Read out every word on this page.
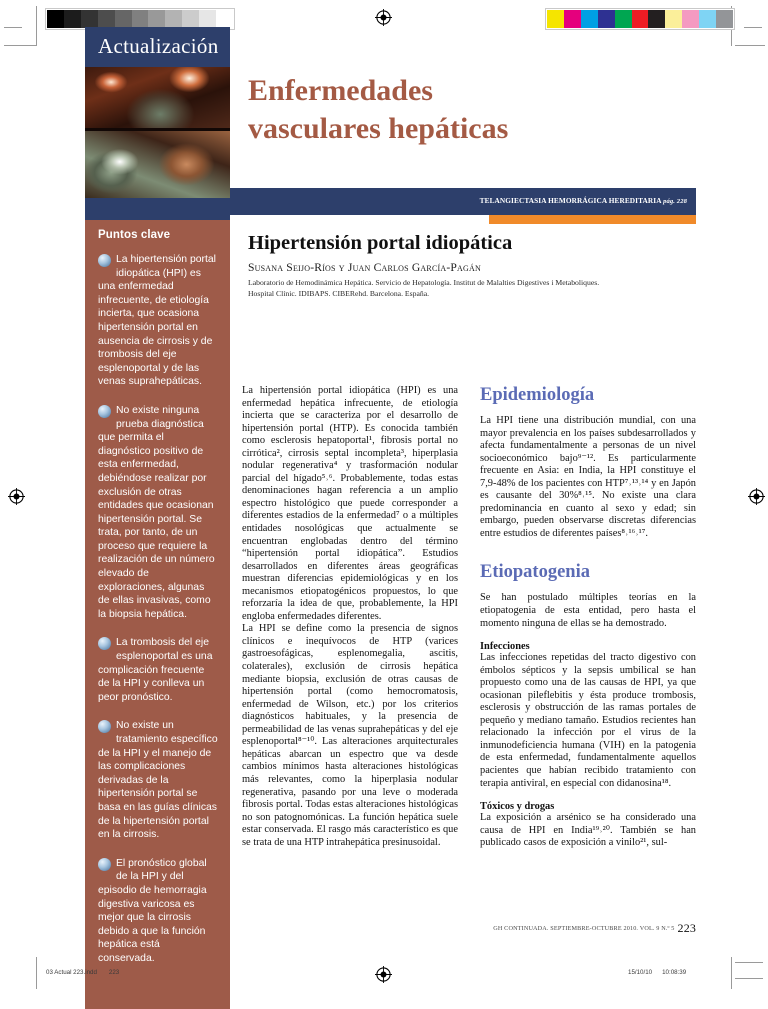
Actualización
Puntos clave
La hipertensión portal idiopática (HPI) es una enfermedad infrecuente, de etiología incierta, que ocasiona hipertensión portal en ausencia de cirrosis y de trombosis del eje esplenoportal y de las venas suprahepáticas.
No existe ninguna prueba diagnóstica que permita el diagnóstico positivo de esta enfermedad, debiéndose realizar por exclusión de otras entidades que ocasionan hipertensión portal. Se trata, por tanto, de un proceso que requiere la realización de un número elevado de exploraciones, algunas de ellas invasivas, como la biopsia hepática.
La trombosis del eje esplenoportal es una complicación frecuente de la HPI y conlleva un peor pronóstico.
No existe un tratamiento específico de la HPI y el manejo de las complicaciones derivadas de la hipertensión portal se basa en las guías clínicas de la hipertensión portal en la cirrosis.
El pronóstico global de la HPI y del episodio de hemorragia digestiva varicosa es mejor que la cirrosis debido a que la función hepática está conservada.
Enfermedades
vasculares hepáticas
TELANGIECTASIA HEMORRÁGICA HEREDITARIA pág. 228
Hipertensión portal idiopática
Susana Seijo-Ríos y Juan Carlos García-Pagán
Laboratorio de Hemodinámica Hepática. Servicio de Hepatología. Institut de Malalties Digestives i Metaboliques.
Hospital Clínic. IDIBAPS. CIBERehd. Barcelona. España.

La hipertensión portal idiopática (HPI) es una enfermedad hepática infrecuente, de etiología incierta que se caracteriza por el desarrollo de hipertensión portal (HTP). Es conocida también como esclerosis hepatoportal¹, fibrosis portal no cirrótica², cirrosis septal incompleta³, hiperplasia nodular regenerativa⁴ y trasformación nodular parcial del hígado⁵˒⁶. Probablemente, todas estas denominaciones hagan referencia a un amplio espectro histológico que puede corresponder a diferentes estadios de la enfermedad⁷ o a múltiples entidades nosológicas que actualmente se encuentran englobadas dentro del término “hipertensión portal idiopática”. Estudios desarrollados en diferentes áreas geográficas muestran diferencias epidemiológicas y en los mecanismos etiopatogénicos propuestos, lo que reforzaría la idea de que, probablemente, la HPI engloba enfermedades diferentes.

La HPI se define como la presencia de signos clínicos e inequívocos de HTP (varices gastroesofágicas, esplenomegalia, ascitis, colaterales), exclusión de cirrosis hepática mediante biopsia, exclusión de otras causas de hipertensión portal (como hemocromatosis, enfermedad de Wilson, etc.) por los criterios diagnósticos habituales, y la presencia de permeabilidad de las venas suprahepáticas y del eje esplenoportal⁸⁻¹⁰. Las alteraciones arquitecturales hepáticas abarcan un espectro que va desde cambios mínimos hasta alteraciones histológicas más relevantes, como la hiperplasia nodular regenerativa, pasando por una leve o moderada fibrosis portal. Todas estas alteraciones histológicas no son patognomónicas. La función hepática suele estar conservada. El rasgo más característico es que se trata de una HTP intrahepática presinusoidal.

Epidemiología

La HPI tiene una distribución mundial, con una mayor prevalencia en los países subdesarrollados y afecta fundamentalmente a personas de un nivel socioeconómico bajo⁹⁻¹². Es particularmente frecuente en Asia: en India, la HPI constituye el 7,9-48% de los pacientes con HTP⁷˒¹³˒¹⁴ y en Japón es causante del 30%⁸˒¹⁵. No existe una clara predominancia en cuanto al sexo y edad; sin embargo, pueden observarse discretas diferencias entre estudios de diferentes países⁸˒¹⁶˒¹⁷.

Etiopatogenia

Se han postulado múltiples teorías en la etiopatogenia de esta entidad, pero hasta el momento ninguna de ellas se ha demostrado.

Infecciones

Las infecciones repetidas del tracto digestivo con émbolos sépticos y la sepsis umbilical se han propuesto como una de las causas de HPI, ya que ocasionan pileflebitis y ésta produce trombosis, esclerosis y obstrucción de las ramas portales de pequeño y mediano tamaño. Estudios recientes han relacionado la infección por el virus de la inmunodeficiencia humana (VIH) en la patogenia de esta enfermedad, fundamentalmente aquellos pacientes que habían recibido tratamiento con terapia antiviral, en especial con didanosina¹⁸.

Tóxicos y drogas

La exposición a arsénico se ha considerado una causa de HPI en India¹⁹˒²⁰. También se han publicado casos de exposición a vinilo²¹, sul-

GH CONTINUADA. SEPTIEMBRE-OCTUBRE 2010. VOL. 9 N.º 5 223
03 Actual 223.indd 223	15/10/10 10:08:39
